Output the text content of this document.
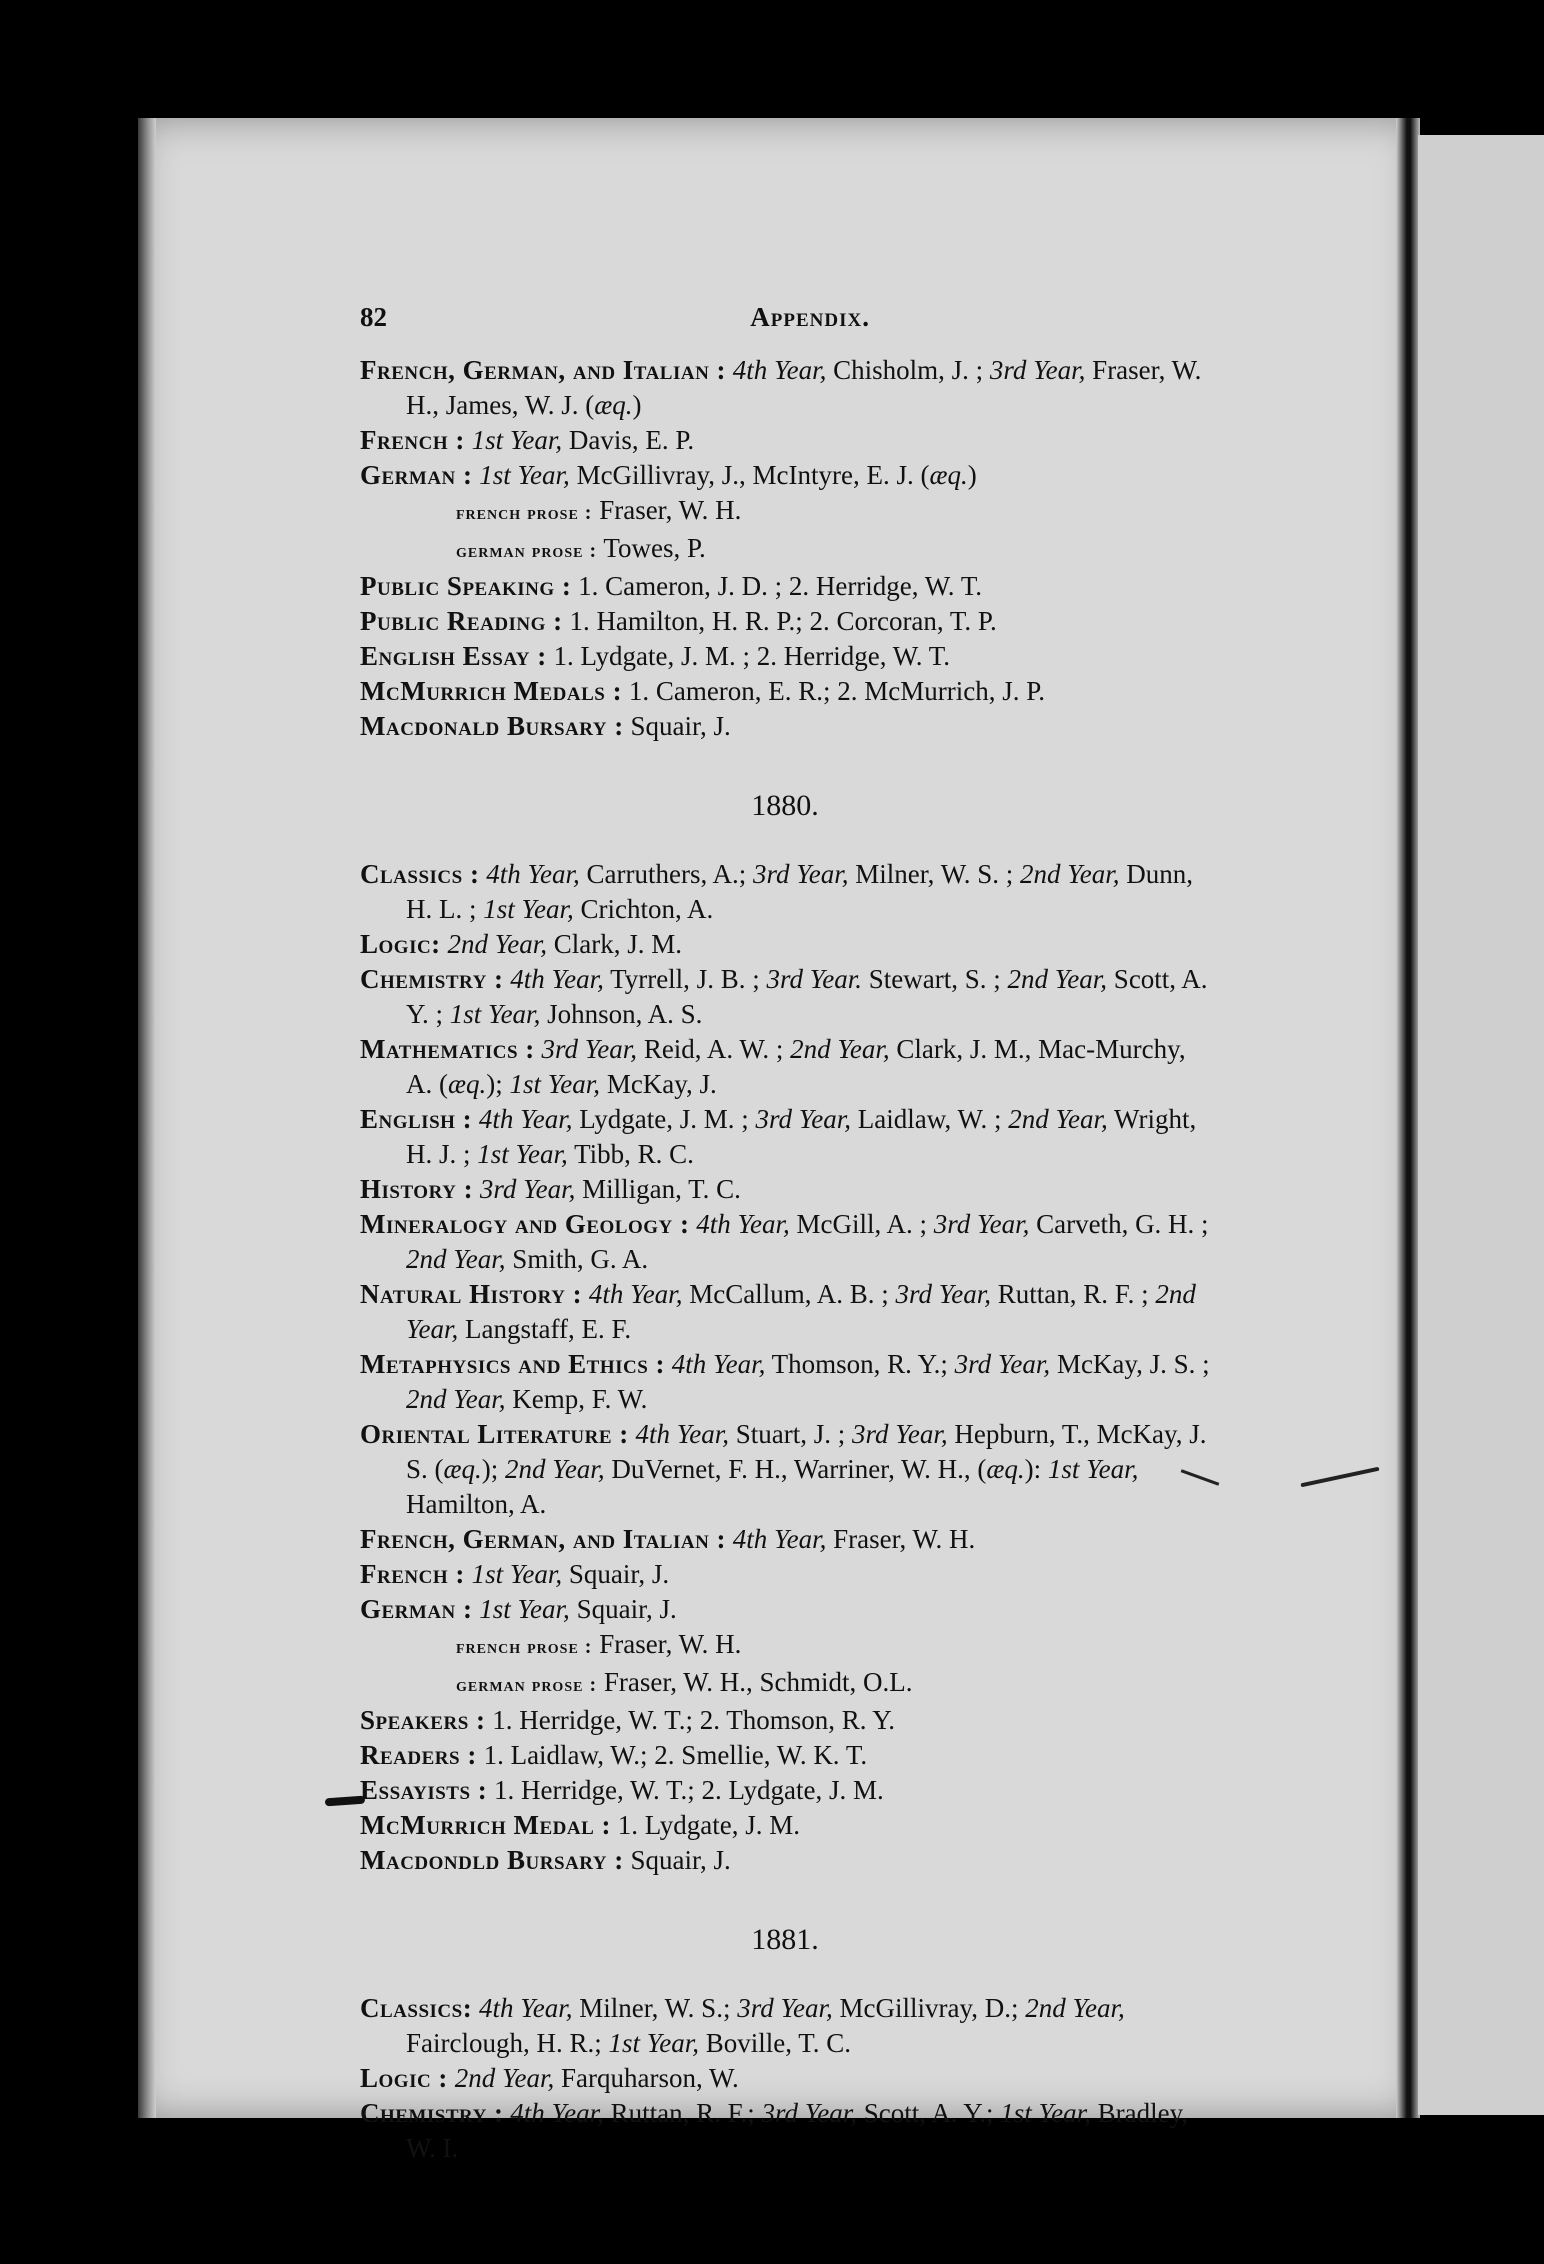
82	Appendix.
French, German, and Italian : 4th Year, Chisholm, J. ; 3rd Year, Fraser, W. H., James, W. J. (æq.)
French : 1st Year, Davis, E. P.
German : 1st Year, McGillivray, J., McIntyre, E. J. (æq.)
french prose : Fraser, W. H.
german prose : Towes, P.
Public Speaking : 1. Cameron, J. D. ; 2. Herridge, W. T.
Public Reading : 1. Hamilton, H. R. P.; 2. Corcoran, T. P.
English Essay : 1. Lydgate, J. M. ; 2. Herridge, W. T.
McMurrich Medals : 1. Cameron, E. R.; 2. McMurrich, J. P.
Macdonald Bursary : Squair, J.
1880.
Classics : 4th Year, Carruthers, A.; 3rd Year, Milner, W. S. ; 2nd Year, Dunn, H. L. ; 1st Year, Crichton, A.
Logic: 2nd Year, Clark, J. M.
Chemistry : 4th Year, Tyrrell, J. B. ; 3rd Year. Stewart, S. ; 2nd Year, Scott, A. Y. ; 1st Year, Johnson, A. S.
Mathematics : 3rd Year, Reid, A. W. ; 2nd Year, Clark, J. M., Mac-Murchy, A. (æq.); 1st Year, McKay, J.
English : 4th Year, Lydgate, J. M. ; 3rd Year, Laidlaw, W. ; 2nd Year, Wright, H. J. ; 1st Year, Tibb, R. C.
History : 3rd Year, Milligan, T. C.
Mineralogy and Geology : 4th Year, McGill, A. ; 3rd Year, Carveth, G. H. ; 2nd Year, Smith, G. A.
Natural History : 4th Year, McCallum, A. B. ; 3rd Year, Ruttan, R. F. ; 2nd Year, Langstaff, E. F.
Metaphysics and Ethics : 4th Year, Thomson, R. Y.; 3rd Year, McKay, J. S. ; 2nd Year, Kemp, F. W.
Oriental Literature : 4th Year, Stuart, J. ; 3rd Year, Hepburn, T., McKay, J. S. (æq.); 2nd Year, DuVernet, F. H., Warriner, W. H., (æq.): 1st Year, Hamilton, A.
French, German, and Italian : 4th Year, Fraser, W. H.
French : 1st Year, Squair, J.
German : 1st Year, Squair, J.
french prose : Fraser, W. H.
german prose : Fraser, W. H., Schmidt, O.L.
Speakers : 1. Herridge, W. T.; 2. Thomson, R. Y.
Readers : 1. Laidlaw, W.; 2. Smellie, W. K. T.
Essayists : 1. Herridge, W. T.; 2. Lydgate, J. M.
McMurrich Medal : 1. Lydgate, J. M.
Macdondld Bursary : Squair, J.
1881.
Classics: 4th Year, Milner, W. S.; 3rd Year, McGillivray, D.; 2nd Year, Fairclough, H. R.; 1st Year, Boville, T. C.
Logic : 2nd Year, Farquharson, W.
Chemistry : 4th Year, Ruttan, R. F.; 3rd Year, Scott, A. Y.; 1st Year, Bradley, W. I.
